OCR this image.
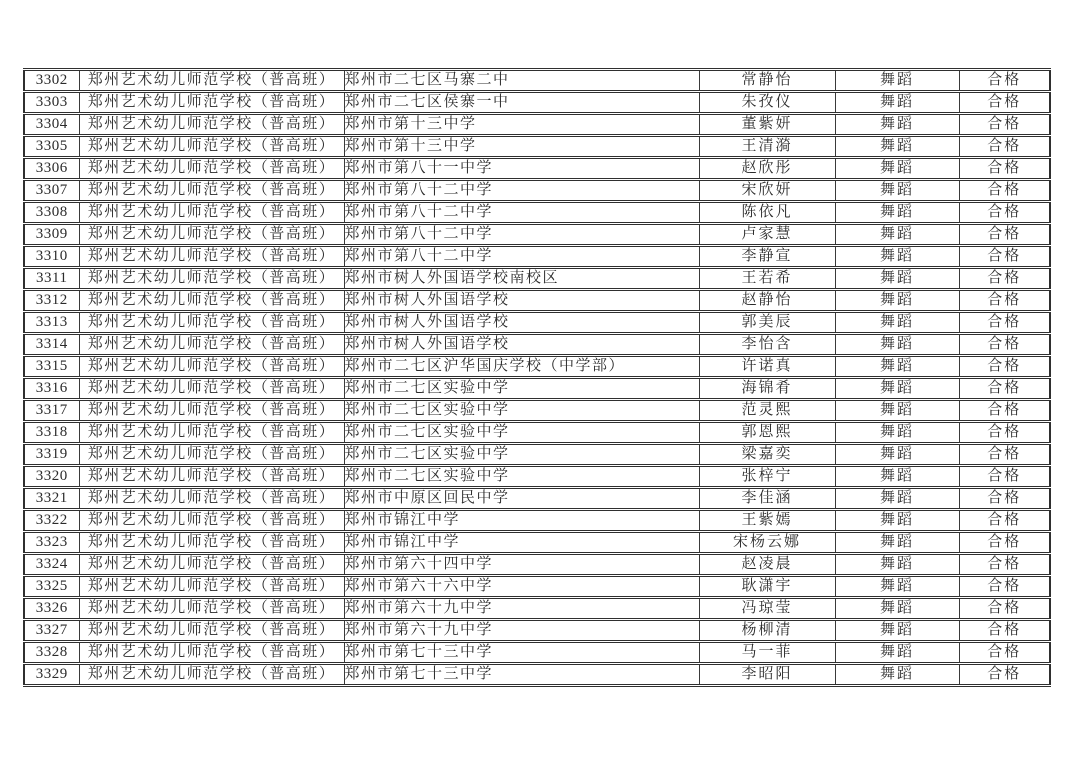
3302	郑州艺术幼儿师范学校（普高班）	郑州市二七区马寨二中	常静怡	舞蹈	合格
3303	郑州艺术幼儿师范学校（普高班）	郑州市二七区侯寨一中	朱孜仪	舞蹈	合格
3304	郑州艺术幼儿师范学校（普高班）	郑州市第十三中学	董紫妍	舞蹈	合格
3305	郑州艺术幼儿师范学校（普高班）	郑州市第十三中学	王清漪	舞蹈	合格
3306	郑州艺术幼儿师范学校（普高班）	郑州市第八十一中学	赵欣彤	舞蹈	合格
3307	郑州艺术幼儿师范学校（普高班）	郑州市第八十二中学	宋欣妍	舞蹈	合格
3308	郑州艺术幼儿师范学校（普高班）	郑州市第八十二中学	陈依凡	舞蹈	合格
3309	郑州艺术幼儿师范学校（普高班）	郑州市第八十二中学	卢家慧	舞蹈	合格
3310	郑州艺术幼儿师范学校（普高班）	郑州市第八十二中学	李静宣	舞蹈	合格
3311	郑州艺术幼儿师范学校（普高班）	郑州市树人外国语学校南校区	王若希	舞蹈	合格
3312	郑州艺术幼儿师范学校（普高班）	郑州市树人外国语学校	赵静怡	舞蹈	合格
3313	郑州艺术幼儿师范学校（普高班）	郑州市树人外国语学校	郭美辰	舞蹈	合格
3314	郑州艺术幼儿师范学校（普高班）	郑州市树人外国语学校	李怡含	舞蹈	合格
3315	郑州艺术幼儿师范学校（普高班）	郑州市二七区沪华国庆学校（中学部）	许诺真	舞蹈	合格
3316	郑州艺术幼儿师范学校（普高班）	郑州市二七区实验中学	海锦肴	舞蹈	合格
3317	郑州艺术幼儿师范学校（普高班）	郑州市二七区实验中学	范灵熙	舞蹈	合格
3318	郑州艺术幼儿师范学校（普高班）	郑州市二七区实验中学	郭恩熙	舞蹈	合格
3319	郑州艺术幼儿师范学校（普高班）	郑州市二七区实验中学	梁嘉奕	舞蹈	合格
3320	郑州艺术幼儿师范学校（普高班）	郑州市二七区实验中学	张梓宁	舞蹈	合格
3321	郑州艺术幼儿师范学校（普高班）	郑州市中原区回民中学	李佳涵	舞蹈	合格
3322	郑州艺术幼儿师范学校（普高班）	郑州市锦江中学	王紫嫣	舞蹈	合格
3323	郑州艺术幼儿师范学校（普高班）	郑州市锦江中学	宋杨云娜	舞蹈	合格
3324	郑州艺术幼儿师范学校（普高班）	郑州市第六十四中学	赵凌晨	舞蹈	合格
3325	郑州艺术幼儿师范学校（普高班）	郑州市第六十六中学	耿潇宇	舞蹈	合格
3326	郑州艺术幼儿师范学校（普高班）	郑州市第六十九中学	冯琼莹	舞蹈	合格
3327	郑州艺术幼儿师范学校（普高班）	郑州市第六十九中学	杨柳清	舞蹈	合格
3328	郑州艺术幼儿师范学校（普高班）	郑州市第七十三中学	马一菲	舞蹈	合格
3329	郑州艺术幼儿师范学校（普高班）	郑州市第七十三中学	李昭阳	舞蹈	合格
